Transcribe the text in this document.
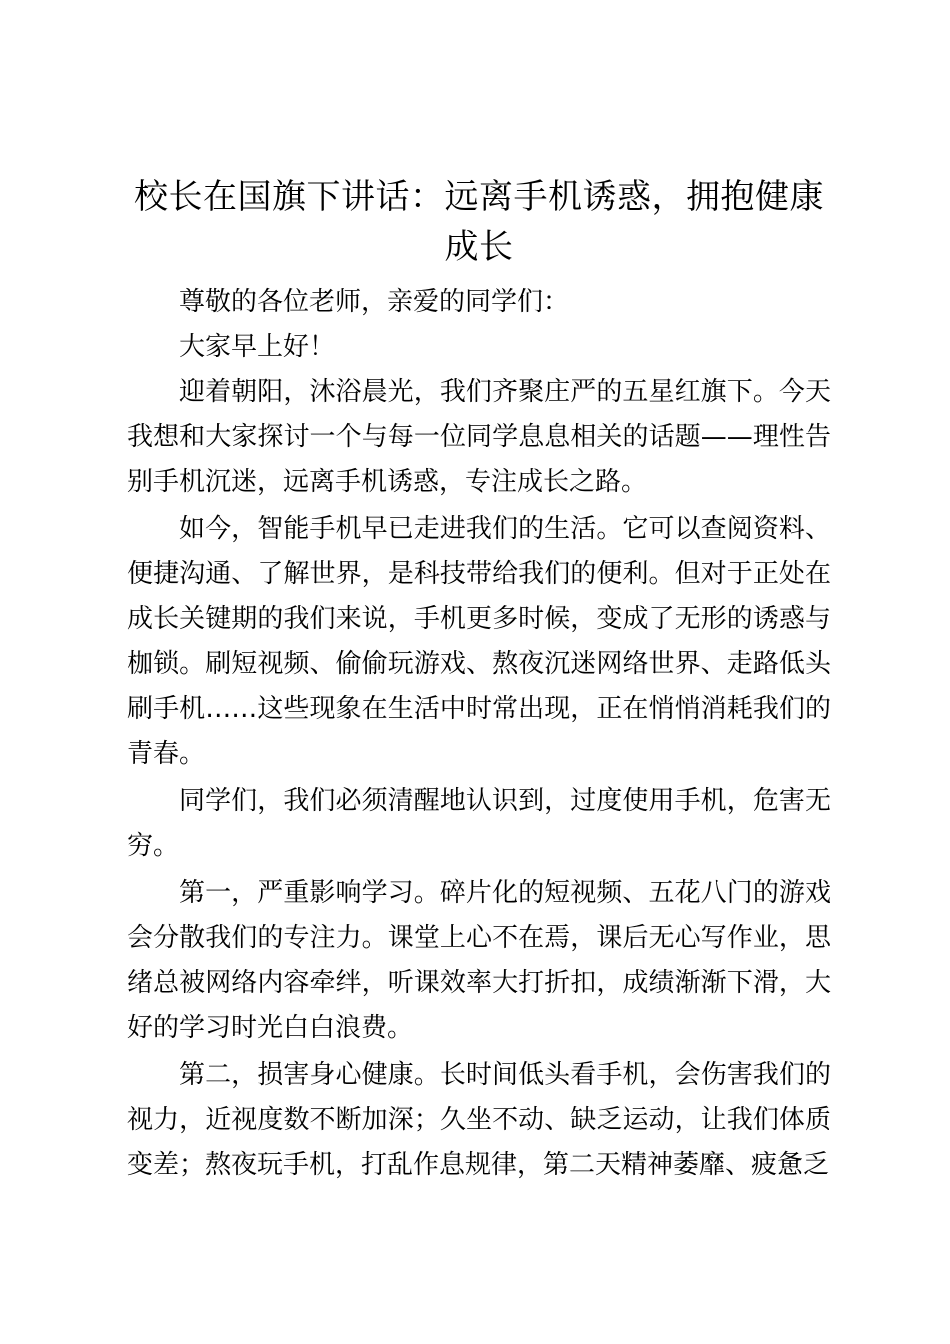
校长在国旗下讲话：远离手机诱惑，拥抱健康成长

尊敬的各位老师，亲爱的同学们：

大家早上好！

迎着朝阳，沐浴晨光，我们齐聚庄严的五星红旗下。今天我想和大家探讨一个与每一位同学息息相关的话题——理性告别手机沉迷，远离手机诱惑，专注成长之路。

如今，智能手机早已走进我们的生活。它可以查阅资料、便捷沟通、了解世界，是科技带给我们的便利。但对于正处在成长关键期的我们来说，手机更多时候，变成了无形的诱惑与枷锁。刷短视频、偷偷玩游戏、熬夜沉迷网络世界、走路低头刷手机……这些现象在生活中时常出现，正在悄悄消耗我们的青春。

同学们，我们必须清醒地认识到，过度使用手机，危害无穷。

第一，严重影响学习。碎片化的短视频、五花八门的游戏会分散我们的专注力。课堂上心不在焉，课后无心写作业，思绪总被网络内容牵绊，听课效率大打折扣，成绩渐渐下滑，大好的学习时光白白浪费。

第二，损害身心健康。长时间低头看手机，会伤害我们的视力，近视度数不断加深；久坐不动、缺乏运动，让我们体质变差；熬夜玩手机，打乱作息规律，第二天精神萎靡、疲惫乏
